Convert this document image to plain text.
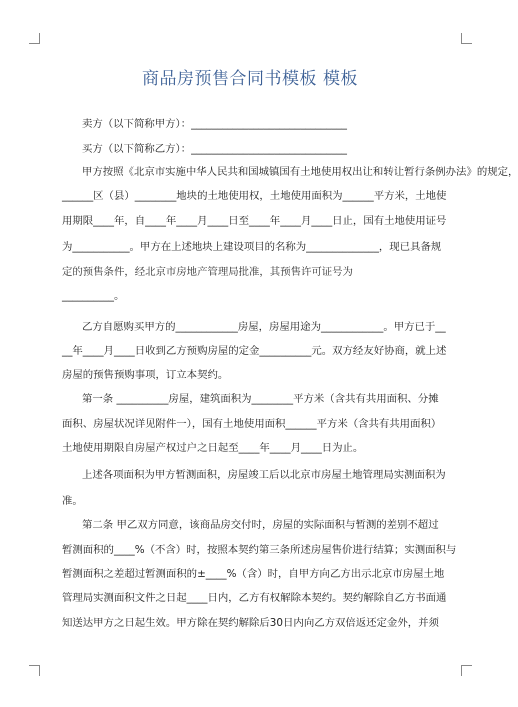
商品房预售合同书模板 模板
卖方（以下简称甲方）：______________________________
买方（以下简称乙方）：______________________________
甲方按照《北京市实施中华人民共和国城镇国有土地使用权出让和转让暂行条例办法》的规定，
______区（县）________地块的土地使用权，土地使用面积为______平方米，土地使
用期限____年，自____年____月____日至____年____月____日止，国有土地使用证号
为___________。甲方在上述地块上建设项目的名称为______________，现已具备规
定的预售条件，经北京市房地产管理局批准，其预售许可证号为
__________。
乙方自愿购买甲方的____________房屋，房屋用途为____________。甲方已于__
__年____月____日收到乙方预购房屋的定金__________元。双方经友好协商，就上述
房屋的预售预购事项，订立本契约。
第一条 __________房屋，建筑面积为________平方米（含共有共用面积、分摊
面积、房屋状况详见附件一），国有土地使用面积______平方米（含共有共用面积）
土地使用期限自房屋产权过户之日起至____年____月____日为止。
上述各项面积为甲方暂测面积，房屋竣工后以北京市房屋土地管理局实测面积为
准。
第二条 甲乙双方同意，该商品房交付时，房屋的实际面积与暂测的差别不超过
暂测面积的____%（不含）时，按照本契约第三条所述房屋售价进行结算；实测面积与
暂测面积之差超过暂测面积的±____%（含）时，自甲方向乙方出示北京市房屋土地
管理局实测面积文件之日起____日内，乙方有权解除本契约。契约解除自乙方书面通
知送达甲方之日起生效。甲方除在契约解除后30日内向乙方双倍返还定金外，并须
